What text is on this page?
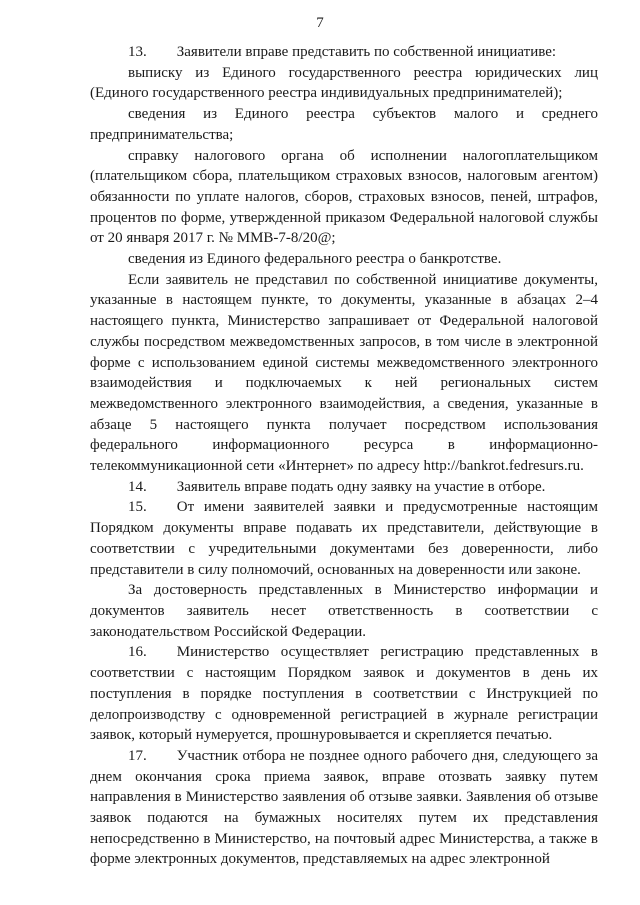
7

13.  Заявители вправе представить по собственной инициативе:

выписку из Единого государственного реестра юридических лиц (Единого государственного реестра индивидуальных предпринимателей);

сведения из Единого реестра субъектов малого и среднего предпринимательства;

справку налогового органа об исполнении налогоплательщиком (плательщиком сбора, плательщиком страховых взносов, налоговым агентом) обязанности по уплате налогов, сборов, страховых взносов, пеней, штрафов, процентов по форме, утвержденной приказом Федеральной налоговой службы от 20 января 2017 г. № ММВ-7-8/20@;

сведения из Единого федерального реестра о банкротстве.

Если заявитель не представил по собственной инициативе документы, указанные в настоящем пункте, то документы, указанные в абзацах 2–4 настоящего пункта, Министерство запрашивает от Федеральной налоговой службы посредством межведомственных запросов, в том числе в электронной форме с использованием единой системы межведомственного электронного взаимодействия и подключаемых к ней региональных систем межведомственного электронного взаимодействия, а сведения, указанные в абзаце 5 настоящего пункта получает посредством использования федерального информационного ресурса в информационно-телекоммуникационной сети «Интернет» по адресу http://bankrot.fedresurs.ru.

14.  Заявитель вправе подать одну заявку на участие в отборе.

15.  От имени заявителей заявки и предусмотренные настоящим Порядком документы вправе подавать их представители, действующие в соответствии с учредительными документами без доверенности, либо представители в силу полномочий, основанных на доверенности или законе.

За достоверность представленных в Министерство информации и документов заявитель несет ответственность в соответствии с законодательством Российской Федерации.

16.  Министерство осуществляет регистрацию представленных в соответствии с настоящим Порядком заявок и документов в день их поступления в порядке поступления в соответствии с Инструкцией по делопроизводству с одновременной регистрацией в журнале регистрации заявок, который нумеруется, прошнуровывается и скрепляется печатью.

17.  Участник отбора не позднее одного рабочего дня, следующего за днем окончания срока приема заявок, вправе отозвать заявку путем направления в Министерство заявления об отзыве заявки. Заявления об отзыве заявок подаются на бумажных носителях путем их представления непосредственно в Министерство, на почтовый адрес Министерства, а также в форме электронных документов, представляемых на адрес электронной
